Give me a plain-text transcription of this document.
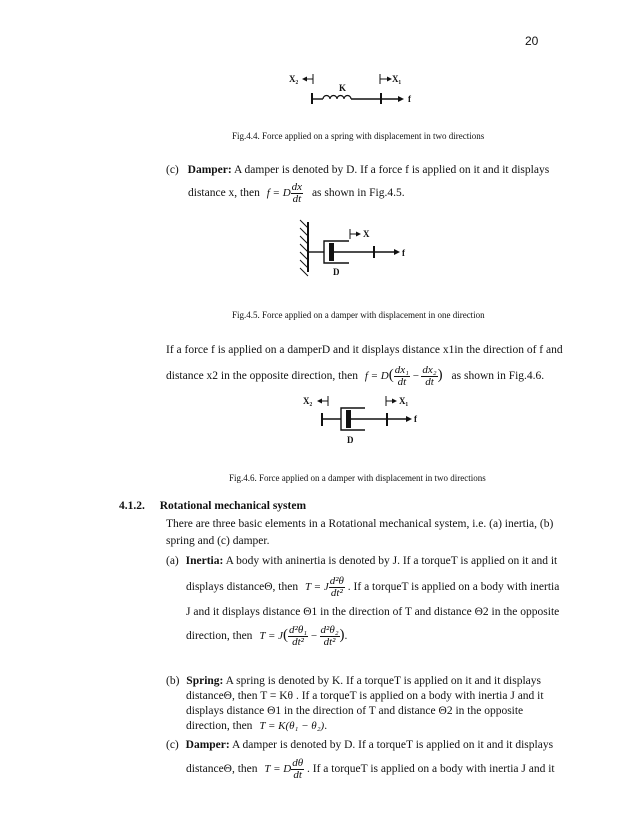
20
X₂	X₁
K
f
Fig.4.4. Force applied on a spring with displacement in two directions
(c) Damper: A damper is denoted by D. If a force f is applied on it and it displays
distance x, then f = D $\frac{dx}{dt}$ as shown in Fig.4.5.
X
f
D
Fig.4.5. Force applied on a damper with displacement in one direction
If a force f is applied on a damperD and it displays distance x1in the direction of f and
distance x2 in the opposite direction, then $f = D( \frac{\text{dx₁}}{dt} - \frac{\text{dx₂}}{dt}$ ) as shown in Fig.4.6.
X₂	X₁
f
D
Fig.4.6. Force applied on a damper with displacement in two directions
4.1.2. Rotational mechanical system
There are three basic elements in a Rotational mechanical system, i.e. (a) inertia, (b)
spring and (c) damper.
(a) Inertia: A body with aninertia is denoted by J. If a torqueT is applied on it and it
displays distanceΘ, then T = J $\frac{\text{d²θ}}{\text{dt²}}$ . If a torqueT is applied on a body with inertia
J and it displays distance Θ1 in the direction of T and distance Θ2 in the opposite
direction, then $T = J( \frac{\text{d²θ₁}}{\text{dt²}} - \frac{\text{d²θ₂}}{\text{dt²}}$ ).
(b) Spring: A spring is denoted by K. If a torqueT is applied on it and it displays
distanceΘ, then T = Kθ . If a torqueT is applied on a body with inertia J and it
displays distance Θ1 in the direction of T and distance Θ2 in the opposite
direction, then T = K(θ₁ − θ₂).
(c) Damper: A damper is denoted by D. If a torqueT is applied on it and it displays
distanceΘ, then T = D $\frac{d\theta}{dt}$ . If a torqueT is applied on a body with inertia J and it
